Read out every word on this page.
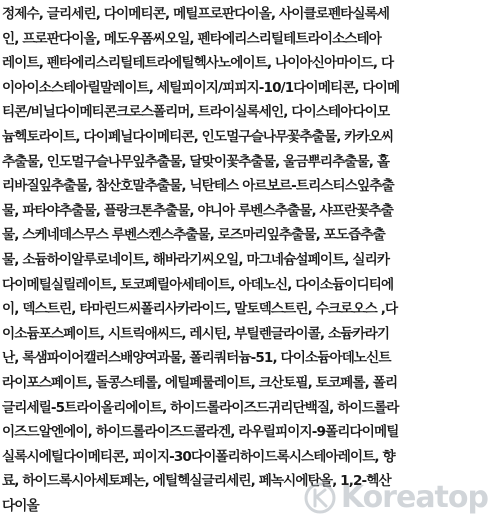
정제수, 글리세린, 다이메티콘, 메틸프로판다이올, 사이클로펜타실록세
인, 프로판다이올, 메도우폼씨오일, 펜타에리스리틸테트라이소스테아
레이트, 펜타에리스리틸테트라에틸헥사노에이트, 나이아신아마이드, 다
이아이소스테아릴말레이트, 세틸피이지/피피지-10/1다이메티콘, 다이메
티콘/비닐다이메티콘크로스폴리머, 트라이실록세인, 다이스테아다이모
늄헥토라이트, 다이페닐다이메티콘, 인도멀구슬나무꽃추출물, 카카오씨
추출물, 인도멀구슬나무잎추출물, 달맞이꽃추출물, 울금뿌리추출물, 홀
리바질잎추출물, 참산호말추출물, 닉탄테스 아르보르-트리스티스잎추출
물, 파타야추출물, 플랑크톤추출물, 야니아 루벤스추출물, 샤프란꽃추출
물, 스케네데스무스 루벤스켄스추출물, 로즈마리잎추출물, 포도즙추출
물, 소듐하이알루로네이트, 해바라기씨오일, 마그네슘설페이트, 실리카
다이메틸실릴레이트, 토코페릴아세테이트, 아데노신, 다이소듐이디티에
이, 덱스트린, 타마린드씨폴리사카라이드, 말토덱스트린, 수크로오스 ,다
이소듐포스페이트, 시트릭애씨드, 레시틴, 부틸렌글라이콜, 소듐카라기
난, 록샘파이어캘러스배양여과물, 폴리쿼터늄-51, 다이소듐아데노신트
라이포스페이트, 돌콩스테롤, 에틸페룰레이트, 크산토필, 토코페롤, 폴리
글리세릴-5트라이올리에이트, 하이드롤라이즈드귀리단백질, 하이드롤라
이즈드알엔에이, 하이드롤라이즈드콜라겐, 라우릴피이지-9폴리다이메틸
실록시에틸다이메티콘, 피이지-30다이폴리하이드록시스테아레이트, 향
료, 하이드록시아세토페논, 에틸헥실글리세린, 페녹시에탄올, 1,2-헥산
다이올	Koreatop
